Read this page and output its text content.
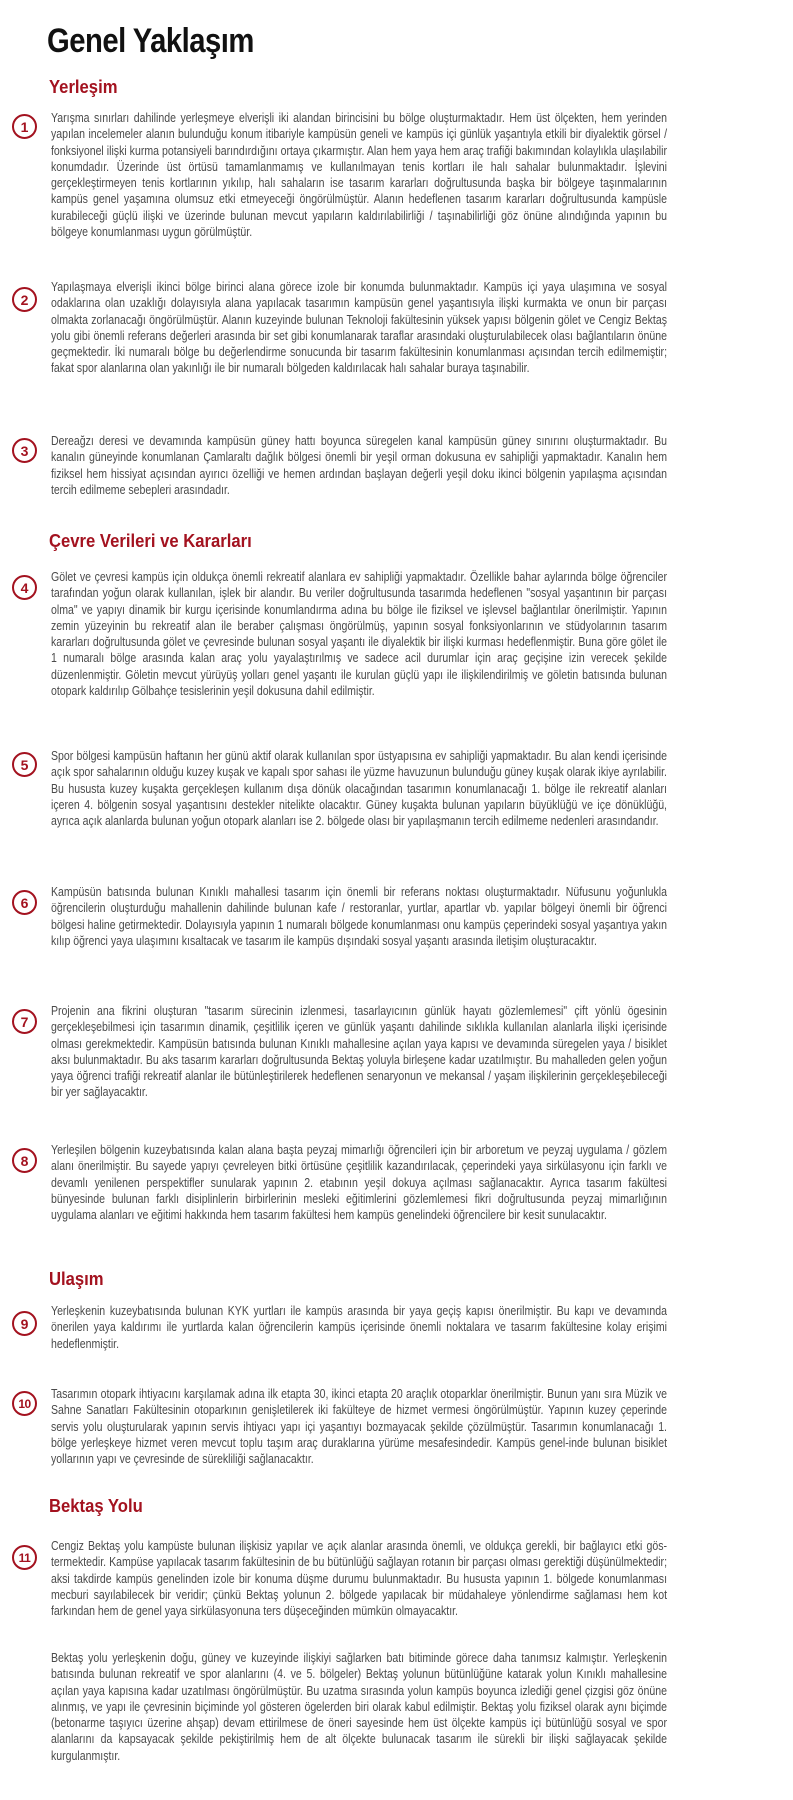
Genel Yaklaşım
Yerleşim
1

Yarışma sınırları dahilinde yerleşmeye elverişli iki alandan birincisini bu bölge oluşturmaktadır. Hem üst ölçekten, hem yerinden yapılan incelemeler alanın bulunduğu konum itibariyle kampüsün geneli ve kampüs içi günlük yaşantıyla etkili bir diyalektik görsel / fonksiyonel ilişki kurma potansiyeli barındırdığını ortaya çıkarmıştır. Alan hem yaya hem araç trafiği bakımından kolaylıkla ulaşılabilir konumdadır. Üzerinde üst örtüsü tamamlanmamış ve kullanılmayan tenis kortları ile halı sahalar bulunmaktadır. İşlevini gerçekleştirmeyen tenis kortlarının yıkılıp, halı sahaların ise tasarım kararları doğrultusunda başka bir bölgeye taşınmalarının kampüs genel yaşamına olumsuz etki etmeyeceği öngörülmüştür. Alanın hedeflenen tasarım kararları doğrultusunda kampüsle kurabileceği güçlü ilişki ve üzerinde bulunan mevcut yapıların kaldırılabilirliği / taşınabilirliği göz önüne alındığında yapının bu bölgeye konumlanması uygun görülmüştür.

2

Yapılaşmaya elverişli ikinci bölge birinci alana görece izole bir konumda bulunmaktadır. Kampüs içi yaya ulaşımına ve sosyal odaklarına olan uzaklığı dolayısıyla alana yapılacak tasarımın kampüsün genel yaşantısıyla ilişki kurmakta ve onun bir parçası olmakta zorlanacağı öngörülmüştür. Alanın kuzeyinde bulunan Teknoloji fakültesinin yüksek yapısı bölgenin gölet ve Cengiz Bektaş yolu gibi önemli referans değerleri arasında bir set gibi konumlanarak taraflar arasındaki oluşturulabilecek olası bağlantıların önüne geçmektedir. İki numaralı bölge bu değerlendirme sonucunda bir tasarım fakültesinin konumlanması açısından tercih edilmemiştir; fakat spor alanlarına olan yakınlığı ile bir numaralı bölgeden kaldırılacak halı sahalar buraya taşınabilir.

3

Dereağzı deresi ve devamında kampüsün güney hattı boyunca süregelen kanal kampüsün güney sınırını oluşturmaktadır. Bu kanalın güneyinde konumlanan Çamlaraltı dağlık bölgesi önemli bir yeşil orman dokusuna ev sahipliği yapmaktadır. Kanalın hem fiziksel hem hissiyat açısından ayırıcı özelliği ve hemen ardından başlayan değerli yeşil doku ikinci bölgenin yapılaşma açısından tercih edilmeme sebepleri arasındadır.

Çevre Verileri ve Kararları
4

Gölet ve çevresi kampüs için oldukça önemli rekreatif alanlara ev sahipliği yapmaktadır. Özellikle bahar aylarında bölge öğrenciler tarafından yoğun olarak kullanılan, işlek bir alandır. Bu veriler doğrultusunda tasarımda hedeflenen "sosyal yaşantının bir parçası olma" ve yapıyı dinamik bir kurgu içerisinde konumlandırma adına bu bölge ile fiziksel ve işlevsel bağlantılar önerilmiştir. Yapının zemin yüzeyinin bu rekreatif alan ile beraber çalışması öngörülmüş, yapının sosyal fonksiyonlarının ve stüdyolarının tasarım kararları doğrultusunda gölet ve çevresinde bulunan sosyal yaşantı ile diyalektik bir ilişki kurması hedeflenmiştir. Buna göre gölet ile 1 numaralı bölge arasında kalan araç yolu yayalaştırılmış ve sadece acil durumlar için araç geçişine izin verecek şekilde düzenlenmiştir. Göletin mevcut yürüyüş yolları genel yaşantı ile kurulan güçlü yapı ile ilişkilendirilmiş ve göletin batısında bulunan otopark kaldırılıp Gölbahçe tesislerinin yeşil dokusuna dahil edilmiştir.

5

Spor bölgesi kampüsün haftanın her günü aktif olarak kullanılan spor üstyapısına ev sahipliği yapmaktadır. Bu alan kendi içerisinde açık spor sahalarının olduğu kuzey kuşak ve kapalı spor sahası ile yüzme havuzunun bulunduğu güney kuşak olarak ikiye ayrılabilir. Bu hususta kuzey kuşakta gerçekleşen kullanım dışa dönük olacağından tasarımın konumlanacağı 1. bölge ile rekreatif alanları içeren 4. bölgenin sosyal yaşantısını destekler nitelikte olacaktır. Güney kuşakta bulunan yapıların büyüklüğü ve içe dönüklüğü, ayrıca açık alanlarda bulunan yoğun otopark alanları ise 2. bölgede olası bir yapılaşmanın tercih edilmeme nedenleri arasındandır.

6

Kampüsün batısında bulunan Kınıklı mahallesi tasarım için önemli bir referans noktası oluşturmaktadır. Nüfusunu yoğunlukla öğrencilerin oluşturduğu mahallenin dahilinde bulunan kafe / restoranlar, yurtlar, apartlar vb. yapılar bölgeyi önemli bir öğrenci bölgesi haline getirmektedir. Dolayısıyla yapının 1 numaralı bölgede konumlanması onu kampüs çeperindeki sosyal yaşantıya yakın kılıp öğrenci yaya ulaşımını kısaltacak ve tasarım ile kampüs dışındaki sosyal yaşantı arasında iletişim oluşturacaktır.

7

Projenin ana fikrini oluşturan "tasarım sürecinin izlenmesi, tasarlayıcının günlük hayatı gözlemlemesi" çift yönlü ögesinin gerçekleşebilmesi için tasarımın dinamik, çeşitlilik içeren ve günlük yaşantı dahilinde sıklıkla kullanılan alanlarla ilişki içerisinde olması gerekmektedir. Kampüsün batısında bulunan Kınıklı mahallesine açılan yaya kapısı ve devamında süregelen yaya / bisiklet aksı bulunmaktadır. Bu aks tasarım kararları doğrultusunda Bektaş yoluyla birleşene kadar uzatılmıştır. Bu mahalleden gelen yoğun yaya öğrenci trafiği rekreatif alanlar ile bütünleştirilerek hedeflenen senaryonun ve mekansal / yaşam ilişkilerinin gerçekleşebileceği bir yer sağlayacaktır.

8

Yerleşilen bölgenin kuzeybatısında kalan alana başta peyzaj mimarlığı öğrencileri için bir arboretum ve peyzaj uygulama / gözlem alanı önerilmiştir. Bu sayede yapıyı çevreleyen bitki örtüsüne çeşitlilik kazandırılacak, çeperindeki yaya sirkülasyonu için farklı ve devamlı yenilenen perspektifler sunularak yapının 2. etabının yeşil dokuya açılması sağlanacaktır. Ayrıca tasarım fakültesi bünyesinde bulunan farklı disiplinlerin birbirlerinin mesleki eğitimlerini gözlemlemesi fikri doğrultusunda peyzaj mimarlığının uygulama alanları ve eğitimi hakkında hem tasarım fakültesi hem kampüs genelindeki öğrencilere bir kesit sunulacaktır.

Ulaşım
9

Yerleşkenin kuzeybatısında bulunan KYK yurtları ile kampüs arasında bir yaya geçiş kapısı önerilmiştir. Bu kapı ve devamında önerilen yaya kaldırımı ile yurtlarda kalan öğrencilerin kampüs içerisinde önemli noktalara ve tasarım fakültesine kolay erişimi hedeflenmiştir.

10

Tasarımın otopark ihtiyacını karşılamak adına ilk etapta 30, ikinci etapta 20 araçlık otoparklar önerilmiştir. Bunun yanı sıra Müzik ve Sahne Sanatları Fakültesinin otoparkının genişletilerek iki fakülteye de hizmet vermesi öngörülmüştür. Yapının kuzey çeperinde servis yolu oluşturularak yapının servis ihtiyacı yapı içi yaşantıyı bozmayacak şekilde çözülmüştür. Tasarımın konumlanacağı 1. bölge yerleşkeye hizmet veren mevcut toplu taşım araç duraklarına yürüme mesafesindedir. Kampüs genel-inde bulunan bisiklet yollarının yapı ve çevresinde de sürekliliği sağlanacaktır.

Bektaş Yolu
11

Cengiz Bektaş yolu kampüste bulunan ilişkisiz yapılar ve açık alanlar arasında önemli, ve oldukça gerekli, bir bağlayıcı etki gös-termektedir. Kampüse yapılacak tasarım fakültesinin de bu bütünlüğü sağlayan rotanın bir parçası olması gerektiği düşünülmektedir; aksi takdirde kampüs genelinden izole bir konuma düşme durumu bulunmaktadır. Bu hususta yapının 1. bölgede konumlanması mecburi sayılabilecek bir veridir; çünkü Bektaş yolunun 2. bölgede yapılacak bir müdahaleye yönlendirme sağlaması hem kot farkından hem de genel yaya sirkülasyonuna ters düşeceğinden mümkün olmayacaktır.

Bektaş yolu yerleşkenin doğu, güney ve kuzeyinde ilişkiyi sağlarken batı bitiminde görece daha tanımsız kalmıştır. Yerleşkenin batısında bulunan rekreatif ve spor alanlarını (4. ve 5. bölgeler) Bektaş yolunun bütünlüğüne katarak yolun Kınıklı mahallesine açılan yaya kapısına kadar uzatılması öngörülmüştür. Bu uzatma sırasında yolun kampüs boyunca izlediği genel çizgisi göz önüne alınmış, ve yapı ile çevresinin biçiminde yol gösteren ögelerden biri olarak kabul edilmiştir. Bektaş yolu fiziksel olarak aynı biçimde (betonarme taşıyıcı üzerine ahşap) devam ettirilmese de öneri sayesinde hem üst ölçekte kampüs içi bütünlüğü sosyal ve spor alanlarını da kapsayacak şekilde pekiştirilmiş hem de alt ölçekte bulunacak tasarım ile sürekli bir ilişki sağlayacak şekilde kurgulanmıştır.
